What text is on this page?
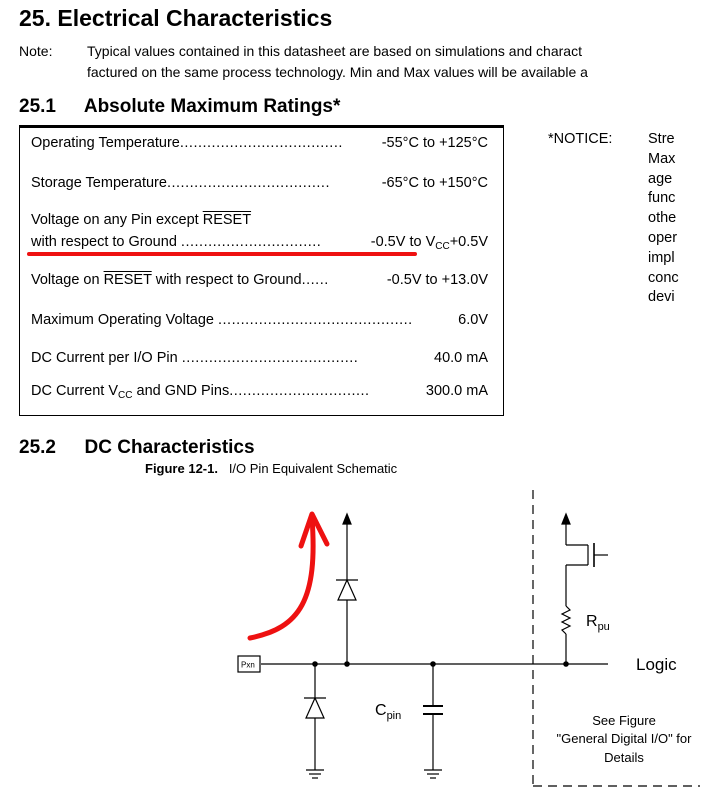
25. Electrical Characteristics
Note: Typical values contained in this datasheet are based on simulations and charact
factured on the same process technology. Min and Max values will be available a
25.1 Absolute Maximum Ratings*
Operating Temperature....................................	-55°C to +125°C
Storage Temperature....................................	-65°C to +150°C
Voltage on any Pin except RESET
with respect to Ground ...............................	-0.5V to $V_{CC}+0.5V$
Voltage on RESET with respect to Ground......	-0.5V to +13.0V
Maximum Operating Voltage ...........................................	6.0V
DC Current per I/O Pin .......................................	40.0 mA
DC Current $V_{CC}$ and GND Pins...............................	300.0 mA
*NOTICE: Stre
Max
age
func
othe
oper
impl
conc
devi
25.2 DC Characteristics
Figure 12-1. I/O Pin Equivalent Schematic
Pxn
$C_{pin}$
$R_{pu}$
Logic
See Figure
"General Digital I/O" for
Details
